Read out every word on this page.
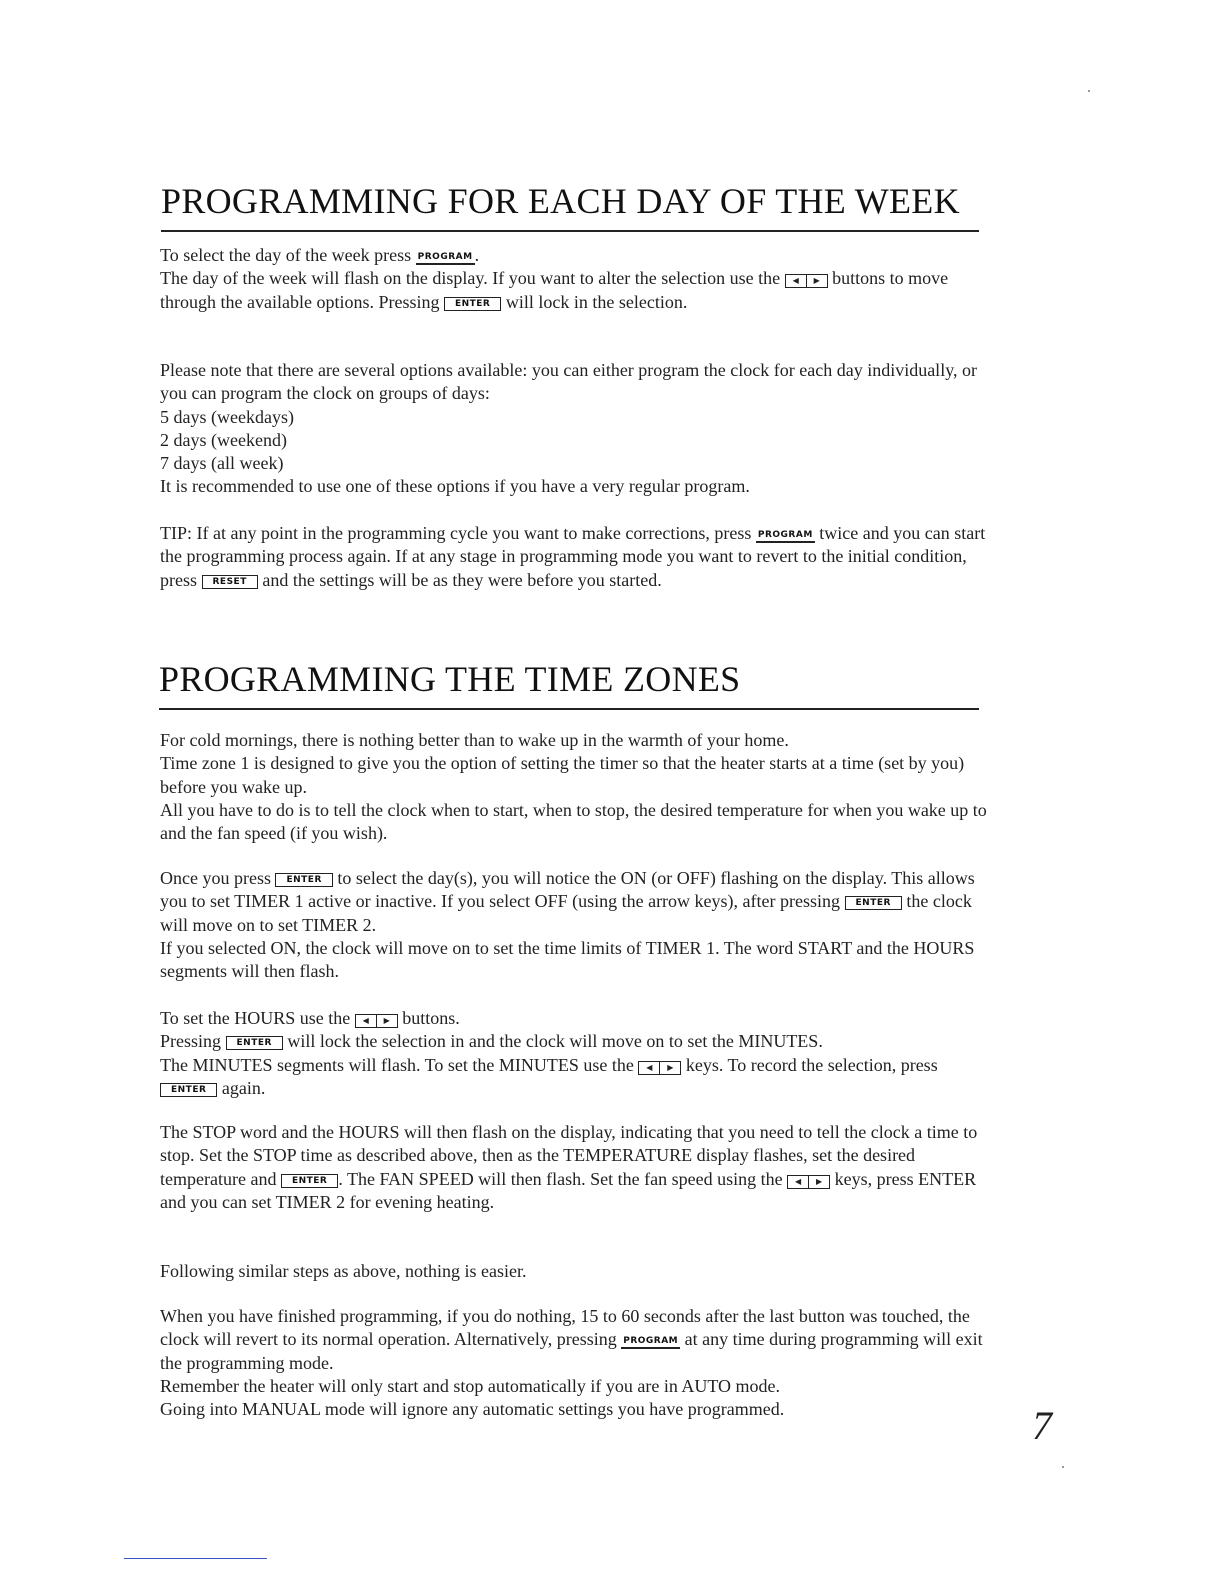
PROGRAMMING FOR EACH DAY OF THE WEEK

To select the day of the week press PROGRAM .
The day of the week will flash on the display. If you want to alter the selection use the	◀	▶ buttons to move through the available options. Pressing ENTER will lock in the selection.

Please note that there are several options available: you can either program the clock for each day individually, or you can program the clock on groups of days:

5 days (weekdays)

2 days (weekend)

7 days (all week)

It is recommended to use one of these options if you have a very regular program.

TIP: If at any point in the programming cycle you want to make corrections, press PROGRAM twice and you can start the programming process again. If at any stage in programming mode you want to revert to the initial condition, press RESET and the settings will be as they were before you started.

PROGRAMMING THE TIME ZONES

For cold mornings, there is nothing better than to wake up in the warmth of your home.

Time zone 1 is designed to give you the option of setting the timer so that the heater starts at a time (set by you) before you wake up.

All you have to do is to tell the clock when to start, when to stop, the desired temperature for when you wake up to and the fan speed (if you wish).

Once you press ENTER to select the day(s), you will notice the ON (or OFF) flashing on the display. This allows you to set TIMER 1 active or inactive. If you select OFF (using the arrow keys), after pressing ENTER the clock will move on to set TIMER 2.
If you selected ON, the clock will move on to set the time limits of TIMER 1. The word START and the HOURS segments will then flash.

To set the HOURS use the	◀	▶ buttons.
Pressing ENTER will lock the selection in and the clock will move on to set the MINUTES.
The MINUTES segments will flash. To set the MINUTES use the	◀	▶ keys. To record the selection, press ENTER again.

The STOP word and the HOURS will then flash on the display, indicating that you need to tell the clock a time to stop. Set the STOP time as described above, then as the TEMPERATURE display flashes, set the desired temperature and ENTER . The FAN SPEED will then flash. Set the fan speed using the	◀	▶ keys, press ENTER and you can set TIMER 2 for evening heating.

Following similar steps as above, nothing is easier.

When you have finished programming, if you do nothing, 15 to 60 seconds after the last button was touched, the clock will revert to its normal operation. Alternatively, pressing PROGRAM at any time during programming will exit the programming mode.
Remember the heater will only start and stop automatically if you are in AUTO mode.
Going into MANUAL mode will ignore any automatic settings you have programmed.	7
